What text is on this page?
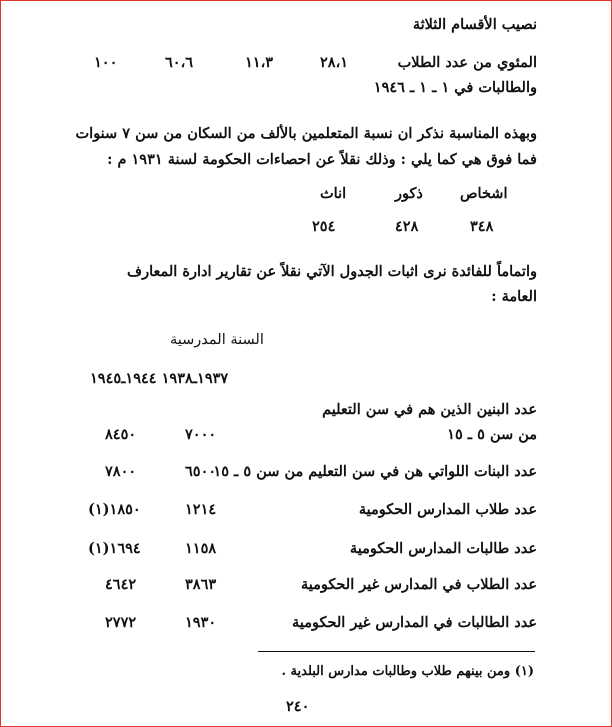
نصيب الأقسام الثلاثة
المئوي من عدد الطلاب
٢٨،١
١١،٣
٦٠،٦
١٠٠
والطالبات في ١ ـ ١ ـ ١٩٤٦
وبهذه المناسبة نذكر ان نسبة المتعلمين بالألف من السكان من سن ٧ سنوات
فما فوق هي كما يلي : وذلك نقلاً عن احصاءات الحكومة لسنة ١٩٣١ م :
اشخاص
ذكور
اناث
٣٤٨
٤٢٨
٢٥٤
واتماماً للفائدة نرى اثبات الجدول الآتي نقلاً عن تقارير ادارة المعارف
العامة :
السنة المدرسية
١٩٣٧ـ١٩٣٨ ١٩٤٤ـ١٩٤٥
عدد البنين الذين هم في سن التعليم
من سن ٥ ـ ١٥
٧٠٠٠
٨٤٥٠
عدد البنات اللواتي هن في سن التعليم من سن ٥ ـ ١٥
٦٥٠٠
٧٨٠٠
عدد طلاب المدارس الحكومية
١٢١٤
(١)١٨٥٠
عدد طالبات المدارس الحكومية
١١٥٨
(١)١٦٩٤
عدد الطلاب في المدارس غير الحكومية
٣٨٦٣
٤٦٤٢
عدد الطالبات في المدارس غير الحكومية
١٩٣٠
٢٧٧٢
(١) ومن بينهم طلاب وطالبات مدارس البلدية .
٢٤٠
